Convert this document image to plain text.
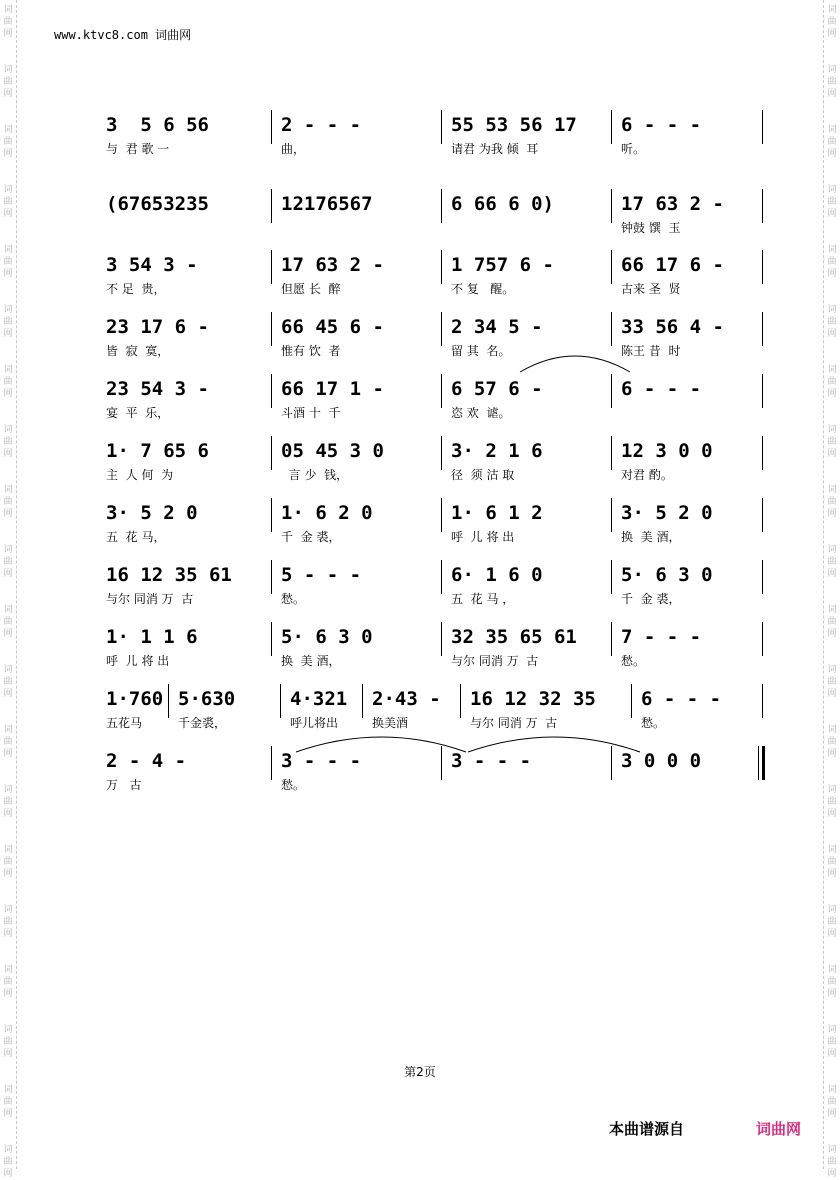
词
曲
网
词
曲
网
词
曲
网
词
曲
网
词
曲
网
词
曲
网
词
曲
网
词
曲
网
词
曲
网
词
曲
网
词
曲
网
词
曲
网
词
曲
网
词
曲
网
词
曲
网
词
曲
网
词
曲
网
词
曲
网
词
曲
网
词
曲
网
词
曲
网
词
曲
网
词
曲
网
词
曲
网
词
曲
网
词
曲
网
词
曲
网
词
曲
网
词
曲
网
词
曲
网
词
曲
网
词
曲
网
词
曲
网
词
曲
网
词
曲
网
词
曲
网
词
曲
网
词
曲
网
词
曲
网
词
曲
网
www.ktvc8.com 词曲网
3  5 6 56
与  君 歌 一
2 - - -
曲，
55 53 56 17
请君 为我 倾  耳
6 - - -
听。
(67653235	12176567	6 66 6 0)	17 63 2 -
钟鼓 馔  玉
3 54 3 -
不 足  贵，
17 63 2 -
但愿 长  醉
1 757 6 -
不 复   醒。
66 17 6 -
古来 圣  贤
23 17 6 -
皆  寂  寞，
66 45 6 -
惟有 饮  者
2 34 5 -
留 其  名。
33 56 4 -
陈王 昔  时
23 54 3 -
宴  平  乐，
66 17 1 -
斗酒 十  千
6 57 6 -
恣 欢  谑。
6 - - -
1· 7 65 6
主  人 何  为
05 45 3 0
言 少  钱，
3· 2 1 6
径  须 沽 取
12 3 0 0
对君 酌。
3· 5 2 0
五  花 马，
1· 6 2 0
千  金 裘，
1· 6 1 2
呼  儿 将 出
3· 5 2 0
换  美 酒，
16 12 35 61
与尔 同消 万  古
5 - - -
愁。
6· 1 6 0
五  花 马 ，
5· 6 3 0
千  金 裘，
1· 1 1 6
呼  儿 将 出
5· 6 3 0
换  美 酒，
32 35 65 61
与尔 同消 万  古
7 - - -
愁。
1·760
五花马
5·630
千金裘，
4·321
呼儿将出
2·43 -
换美酒
16 12 32 35
与尔 同消 万  古
6 - - -
愁。
2 - 4 -
万   古
3 - - -
愁。
3 - - -	3 0 0 0
第2页
本曲谱源自	词曲网
